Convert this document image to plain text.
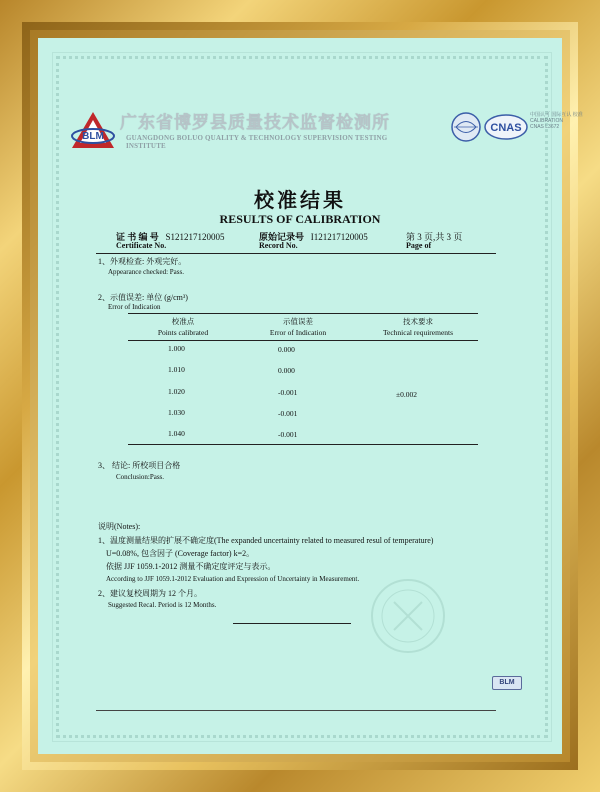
BLM
广东省博罗县质量技术监督检测所
GUANGDONG BOLUO QUALITY & TECHNOLOGY SUPERVISION TESTING INSTITUTE
CNAS
中国认可 国际互认 校准
CALIBRATION
CNAS L3672
校准结果
RESULTS OF CALIBRATION
证 书 编 号 S121217120005	原始记录号 I121217120005	第 3 页,共 3 页
Certificate No.	Record No.	Page of
1、外观检查: 外观完好。
Appearance checked: Pass.
2、示值误差: 单位 (g/cm³)
Error of Indication
校准点	示值误差	技术要求
Points calibrated	Error of Indication	Technical requirements
1.000	0.000
1.010	0.000
1.020	-0.001
1.030	-0.001
1.040	-0.001
±0.002
3、 结论: 所校项目合格
Conclusion:Pass.
说明(Notes):
1、温度测量结果的扩展不确定度(The expanded uncertainty related to measured resul of temperature)
U=0.08%, 包含因子 (Coverage factor) k=2。
依据 JJF 1059.1-2012 测量不确定度评定与表示。
According to JJF 1059.1-2012 Evaluation and Expression of Uncertainty in Measurement.
2、建议复校周期为 12 个月。
Suggested Recal. Period is 12 Months.
BLM
